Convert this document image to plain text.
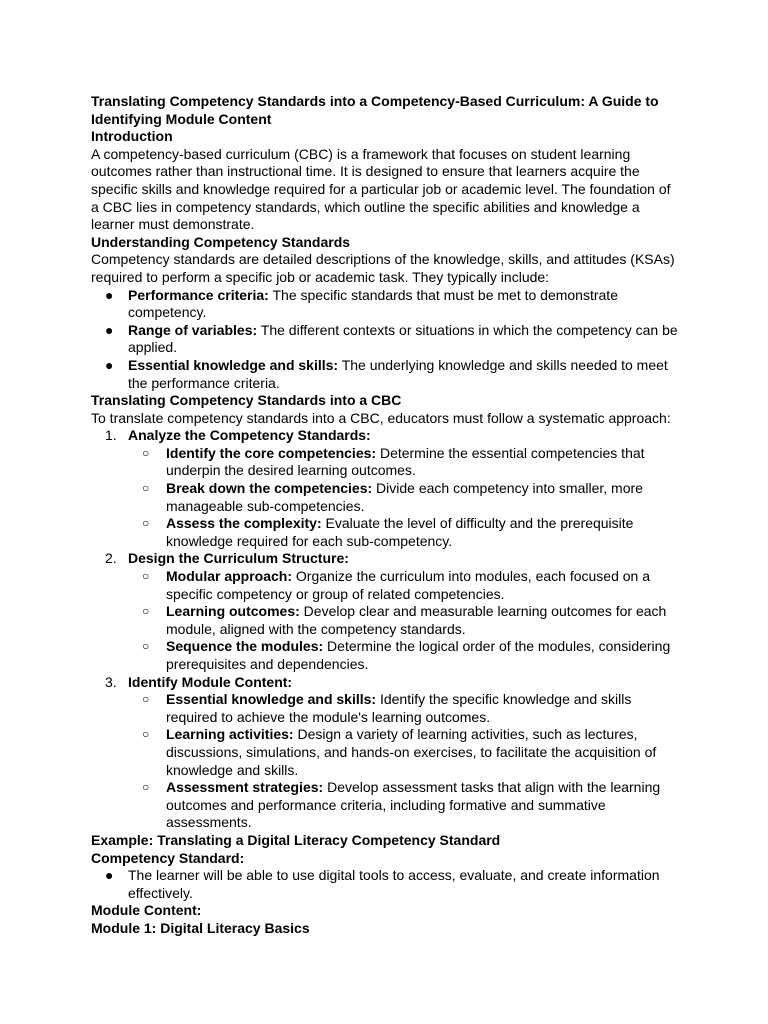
Translating Competency Standards into a Competency-Based Curriculum: A Guide to Identifying Module Content

Introduction

A competency-based curriculum (CBC) is a framework that focuses on student learning outcomes rather than instructional time. It is designed to ensure that learners acquire the specific skills and knowledge required for a particular job or academic level. The foundation of a CBC lies in competency standards, which outline the specific abilities and knowledge a learner must demonstrate.

Understanding Competency Standards

Competency standards are detailed descriptions of the knowledge, skills, and attitudes (KSAs) required to perform a specific job or academic task. They typically include:

● Performance criteria: The specific standards that must be met to demonstrate competency.
● Range of variables: The different contexts or situations in which the competency can be applied.
● Essential knowledge and skills: The underlying knowledge and skills needed to meet the performance criteria.

Translating Competency Standards into a CBC

To translate competency standards into a CBC, educators must follow a systematic approach:

1. Analyze the Competency Standards:
○ Identify the core competencies: Determine the essential competencies that underpin the desired learning outcomes.
○ Break down the competencies: Divide each competency into smaller, more manageable sub-competencies.
○ Assess the complexity: Evaluate the level of difficulty and the prerequisite knowledge required for each sub-competency.
2. Design the Curriculum Structure:
○ Modular approach: Organize the curriculum into modules, each focused on a specific competency or group of related competencies.
○ Learning outcomes: Develop clear and measurable learning outcomes for each module, aligned with the competency standards.
○ Sequence the modules: Determine the logical order of the modules, considering prerequisites and dependencies.
3. Identify Module Content:
○ Essential knowledge and skills: Identify the specific knowledge and skills required to achieve the module's learning outcomes.
○ Learning activities: Design a variety of learning activities, such as lectures, discussions, simulations, and hands-on exercises, to facilitate the acquisition of knowledge and skills.
○ Assessment strategies: Develop assessment tasks that align with the learning outcomes and performance criteria, including formative and summative assessments.

Example: Translating a Digital Literacy Competency Standard

Competency Standard:

● The learner will be able to use digital tools to access, evaluate, and create information effectively.

Module Content:

Module 1: Digital Literacy Basics
